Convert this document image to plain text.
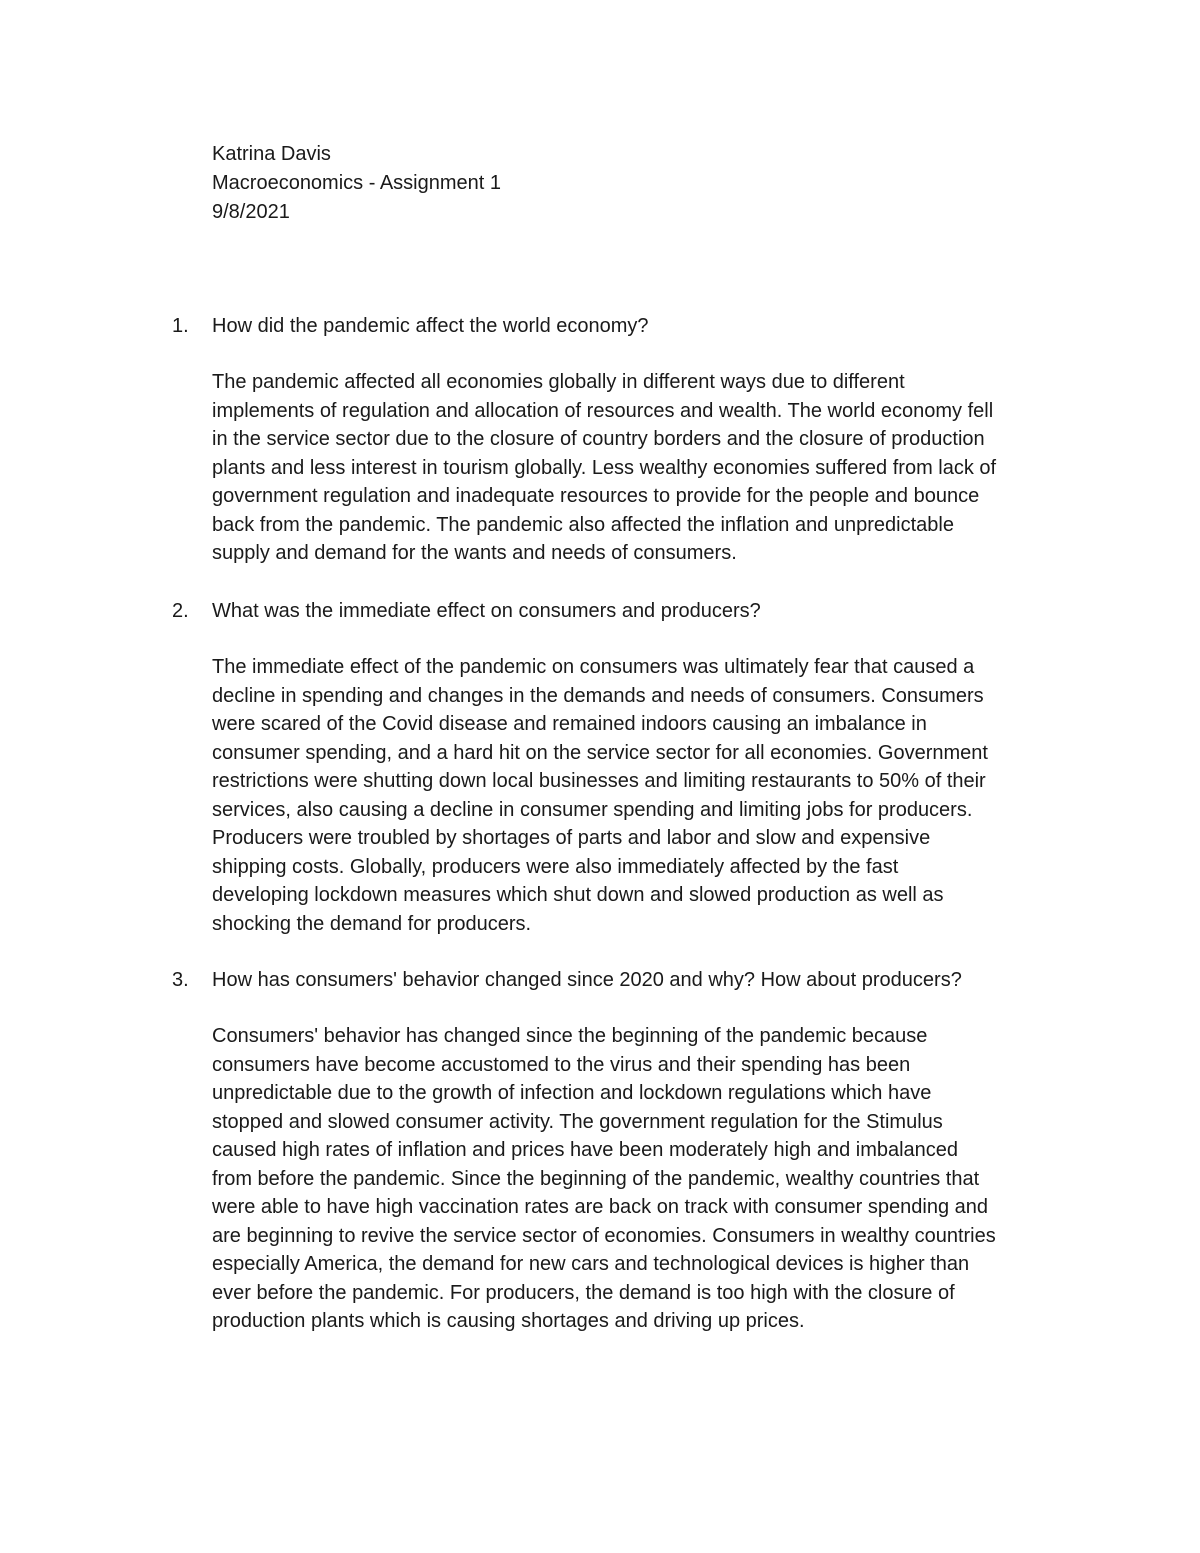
Katrina Davis
Macroeconomics - Assignment 1
9/8/2021
1.	How did the pandemic affect the world economy?
The pandemic affected all economies globally in different ways due to different
implements of regulation and allocation of resources and wealth. The world economy fell
in the service sector due to the closure of country borders and the closure of production
plants and less interest in tourism globally. Less wealthy economies suffered from lack of
government regulation and inadequate resources to provide for the people and bounce
back from the pandemic. The pandemic also affected the inflation and unpredictable
supply and demand for the wants and needs of consumers.
2.	What was the immediate effect on consumers and producers?
The immediate effect of the pandemic on consumers was ultimately fear that caused a
decline in spending and changes in the demands and needs of consumers. Consumers
were scared of the Covid disease and remained indoors causing an imbalance in
consumer spending, and a hard hit on the service sector for all economies. Government
restrictions were shutting down local businesses and limiting restaurants to 50% of their
services, also causing a decline in consumer spending and limiting jobs for producers.
Producers were troubled by shortages of parts and labor and slow and expensive
shipping costs. Globally, producers were also immediately affected by the fast
developing lockdown measures which shut down and slowed production as well as
shocking the demand for producers.
3.	How has consumers' behavior changed since 2020 and why? How about producers?
Consumers' behavior has changed since the beginning of the pandemic because
consumers have become accustomed to the virus and their spending has been
unpredictable due to the growth of infection and lockdown regulations which have
stopped and slowed consumer activity. The government regulation for the Stimulus
caused high rates of inflation and prices have been moderately high and imbalanced
from before the pandemic. Since the beginning of the pandemic, wealthy countries that
were able to have high vaccination rates are back on track with consumer spending and
are beginning to revive the service sector of economies. Consumers in wealthy countries
especially America, the demand for new cars and technological devices is higher than
ever before the pandemic. For producers, the demand is too high with the closure of
production plants which is causing shortages and driving up prices.
